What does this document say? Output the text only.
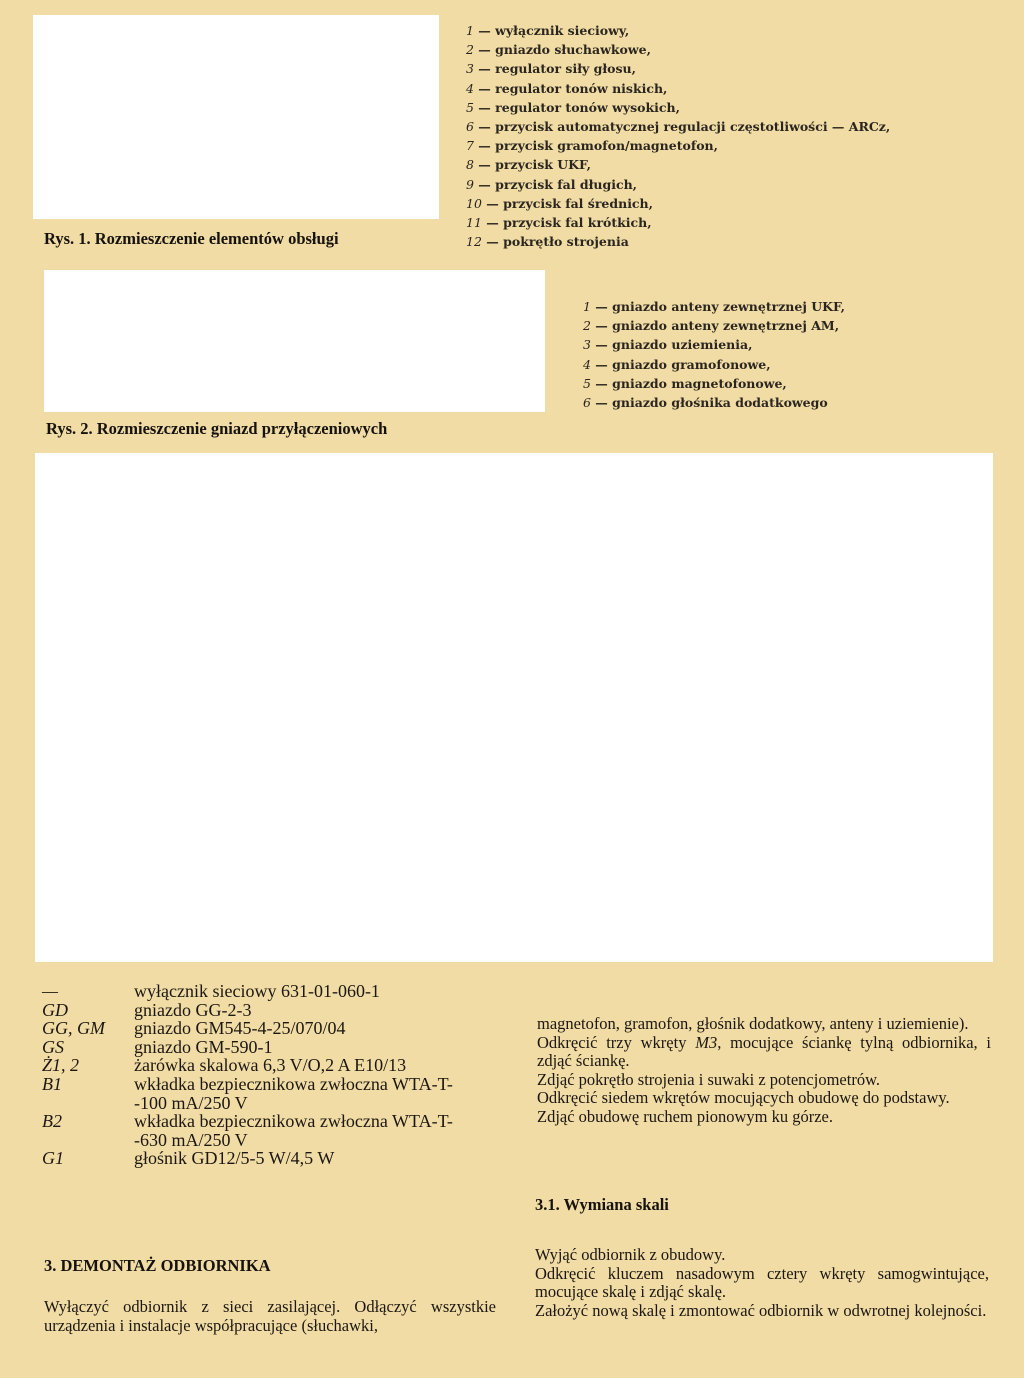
Rys. 1. Rozmieszczenie elementów obsługi
1 — wyłącznik sieciowy,
2 — gniazdo słuchawkowe,
3 — regulator siły głosu,
4 — regulator tonów niskich,
5 — regulator tonów wysokich,
6 — przycisk automatycznej regulacji częstotliwości — ARCz,
7 — przycisk gramofon/magnetofon,
8 — przycisk UKF,
9 — przycisk fal długich,
10 — przycisk fal średnich,
11 — przycisk fal krótkich,
12 — pokrętło strojenia
Rys. 2. Rozmieszczenie gniazd przyłączeniowych
1 — gniazdo anteny zewnętrznej UKF,
2 — gniazdo anteny zewnętrznej AM,
3 — gniazdo uziemienia,
4 — gniazdo gramofonowe,
5 — gniazdo magnetofonowe,
6 — gniazdo głośnika dodatkowego
—	wyłącznik sieciowy 631-01-060-1
GD	gniazdo GG-2-3
GG, GM	gniazdo GM545-4-25/070/04
GS	gniazdo GM-590-1
Ż1, 2	żarówka skalowa 6,3 V/O,2 A E10/13
B1	wkładka bezpiecznikowa zwłoczna WTA-T-
-100 mA/250 V
B2	wkładka bezpiecznikowa zwłoczna WTA-T-
-630 mA/250 V
G1	głośnik GD12/5-5 W/4,5 W
3. DEMONTAŻ ODBIORNIKA

Wyłączyć odbiornik z sieci zasilającej. Odłączyć wszystkie urządzenia i instalacje współpracujące (słuchawki,

magnetofon, gramofon, głośnik dodatkowy, anteny i uziemienie).

Odkręcić trzy wkręty M3, mocujące ściankę tylną odbiornika, i zdjąć ściankę.

Zdjąć pokrętło strojenia i suwaki z potencjometrów.

Odkręcić siedem wkrętów mocujących obudowę do podstawy.

Zdjąć obudowę ruchem pionowym ku górze.

3.1. Wymiana skali

Wyjąć odbiornik z obudowy.

Odkręcić kluczem nasadowym cztery wkręty samogwintujące, mocujące skalę i zdjąć skalę.

Założyć nową skalę i zmontować odbiornik w odwrotnej kolejności.
